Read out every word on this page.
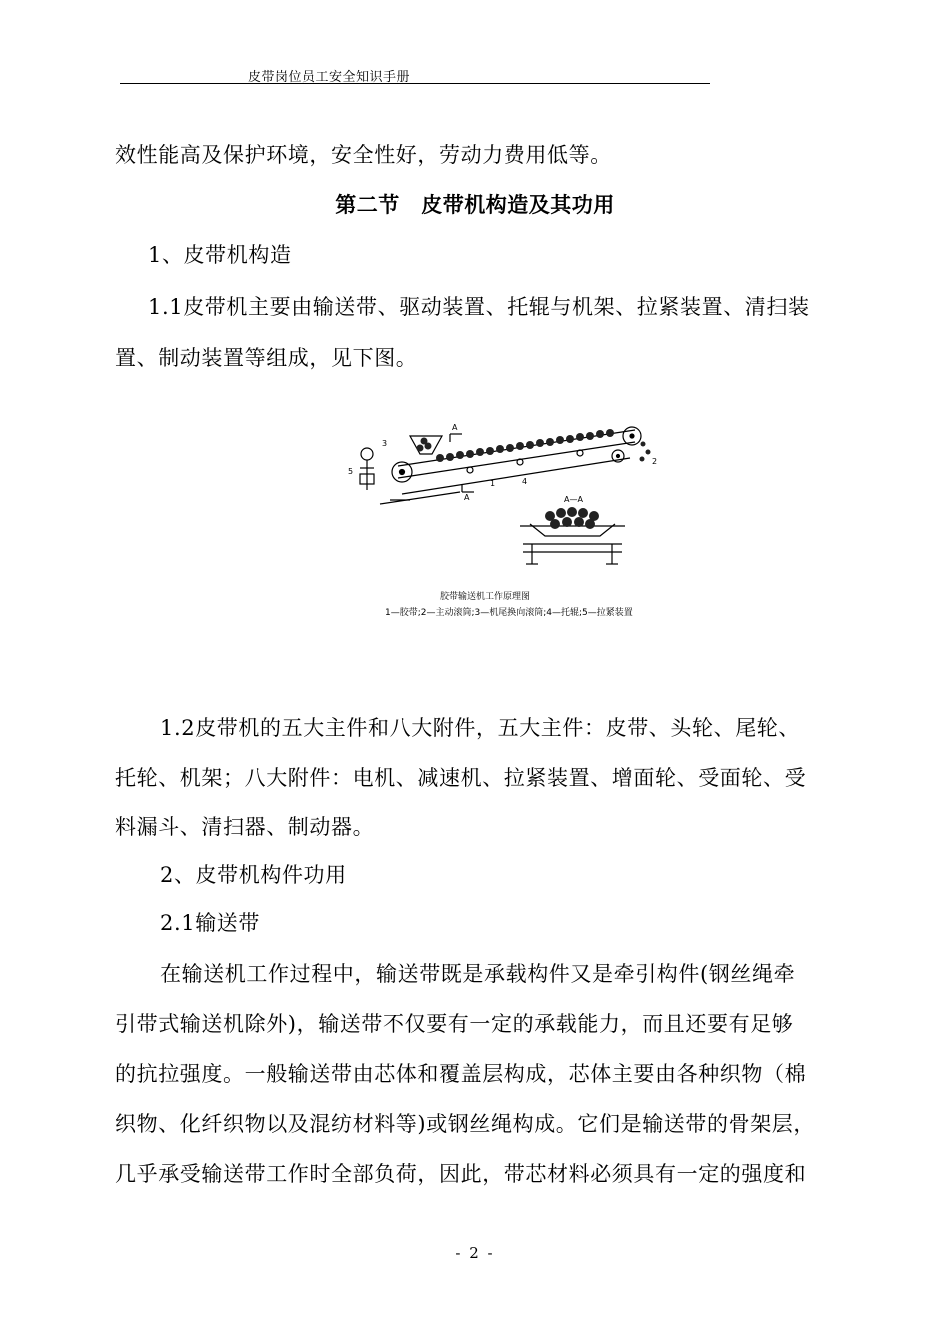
皮带岗位员工安全知识手册
效性能高及保护环境，安全性好，劳动力费用低等。
第二节　皮带机构造及其功用
1、皮带机构造
1.1皮带机主要由输送带、驱动装置、托辊与机架、拉紧装置、清扫装
置、制动装置等组成，见下图。
3
5
1	4
2
A
A	A—A
胶带输送机工作原理图
1—胶带;2—主动滚筒;3—机尾换向滚筒;4—托辊;5—拉紧装置
1.2皮带机的五大主件和八大附件，五大主件：皮带、头轮、尾轮、
托轮、机架；八大附件：电机、减速机、拉紧装置、增面轮、受面轮、受
料漏斗、清扫器、制动器。
2、皮带机构件功用
2.1输送带
在输送机工作过程中，输送带既是承载构件又是牵引构件(钢丝绳牵
引带式输送机除外)，输送带不仅要有一定的承载能力，而且还要有足够
的抗拉强度。一般输送带由芯体和覆盖层构成，芯体主要由各种织物（棉
织物、化纤织物以及混纺材料等)或钢丝绳构成。它们是输送带的骨架层，
几乎承受输送带工作时全部负荷，因此，带芯材料必须具有一定的强度和
- 2 -
